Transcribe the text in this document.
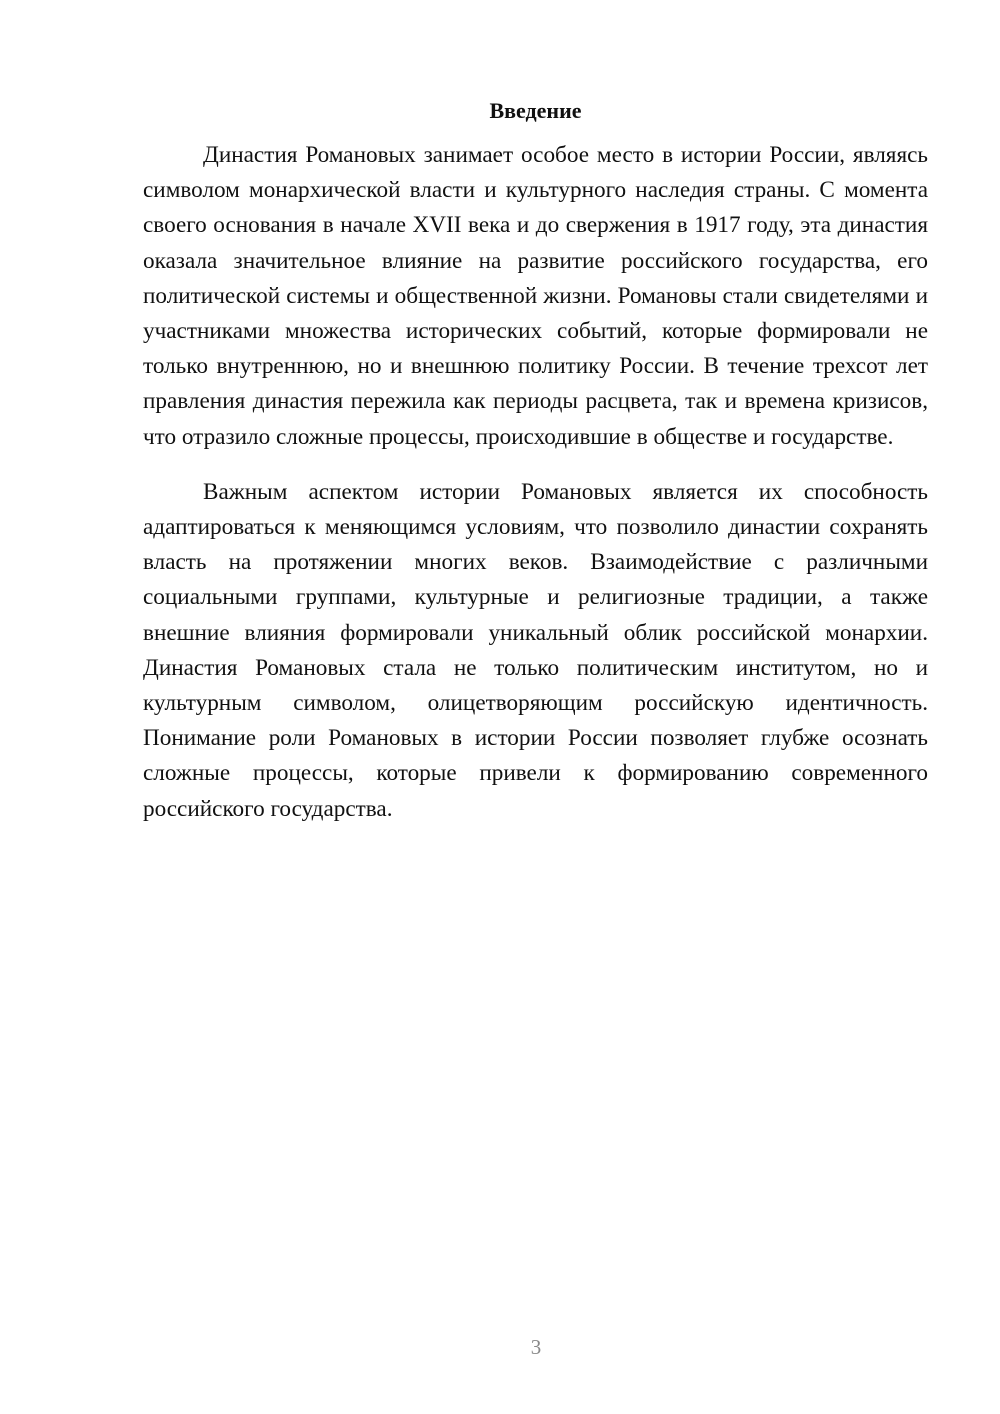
Введение

Династия Романовых занимает особое место в истории России, являясь символом монархической власти и культурного наследия страны. С момента своего основания в начале XVII века и до свержения в 1917 году, эта династия оказала значительное влияние на развитие российского государства, его политической системы и общественной жизни. Романовы стали свидетелями и участниками множества исторических событий, которые формировали не только внутреннюю, но и внешнюю политику России. В течение трехсот лет правления династия пережила как периоды расцвета, так и времена кризисов, что отразило сложные процессы, происходившие в обществе и государстве.

Важным аспектом истории Романовых является их способность адаптироваться к меняющимся условиям, что позволило династии сохранять власть на протяжении многих веков. Взаимодействие с различными социальными группами, культурные и религиозные традиции, а также внешние влияния формировали уникальный облик российской монархии. Династия Романовых стала не только политическим институтом, но и культурным символом, олицетворяющим российскую идентичность. Понимание роли Романовых в истории России позволяет глубже осознать сложные процессы, которые привели к формированию современного российского государства.

3
